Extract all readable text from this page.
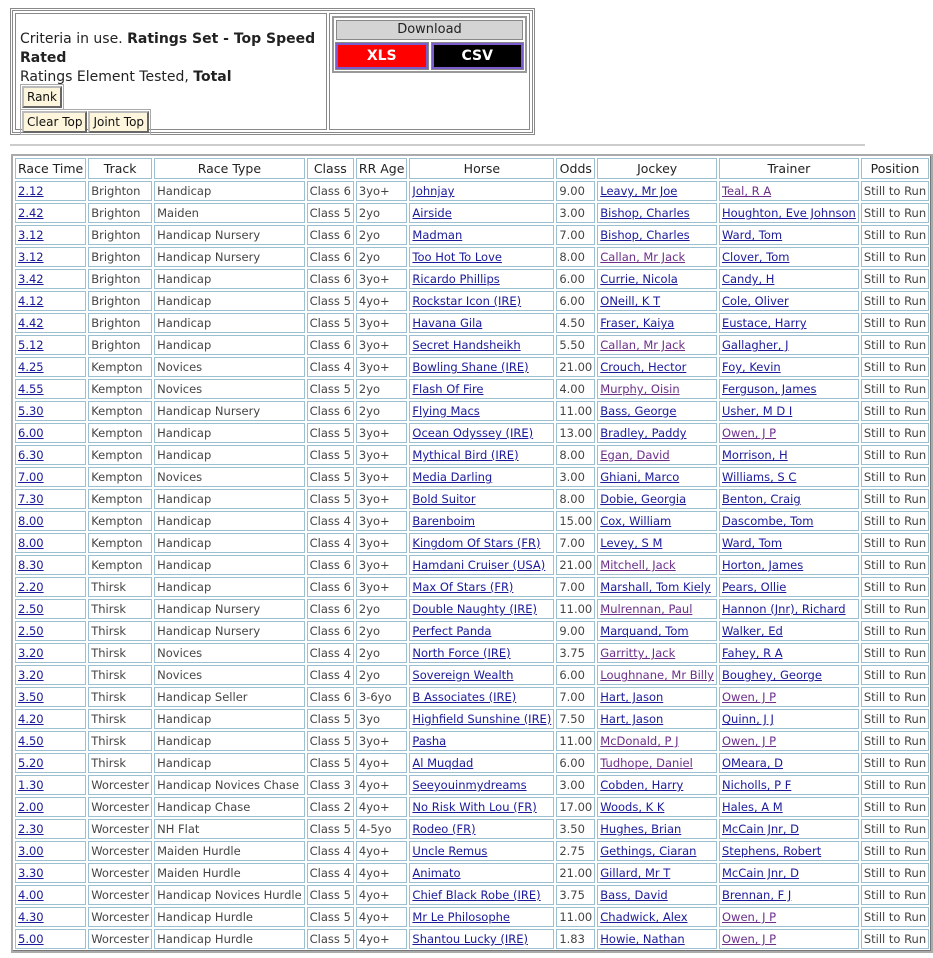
Criteria in use. Ratings Set - Top Speed Rated
Ratings Element Tested, Total
Rank
Clear Top Joint Top
Download
XLS	CSV
Race Time	Track	Race Type	Class	RR Age	Horse	Odds	Jockey	Trainer	Position
2.12	Brighton	Handicap	Class 6	3yo+	Johnjay	9.00	Leavy, Mr Joe	Teal, R A	Still to Run
2.42	Brighton	Maiden	Class 5	2yo	Airside	3.00	Bishop, Charles	Houghton, Eve Johnson	Still to Run
3.12	Brighton	Handicap Nursery	Class 6	2yo	Madman	7.00	Bishop, Charles	Ward, Tom	Still to Run
3.12	Brighton	Handicap Nursery	Class 6	2yo	Too Hot To Love	8.00	Callan, Mr Jack	Clover, Tom	Still to Run
3.42	Brighton	Handicap	Class 6	3yo+	Ricardo Phillips	6.00	Currie, Nicola	Candy, H	Still to Run
4.12	Brighton	Handicap	Class 5	4yo+	Rockstar Icon (IRE)	6.00	ONeill, K T	Cole, Oliver	Still to Run
4.42	Brighton	Handicap	Class 5	3yo+	Havana Gila	4.50	Fraser, Kaiya	Eustace, Harry	Still to Run
5.12	Brighton	Handicap	Class 6	3yo+	Secret Handsheikh	5.50	Callan, Mr Jack	Gallagher, J	Still to Run
4.25	Kempton	Novices	Class 4	3yo+	Bowling Shane (IRE)	21.00	Crouch, Hector	Foy, Kevin	Still to Run
4.55	Kempton	Novices	Class 5	2yo	Flash Of Fire	4.00	Murphy, Oisin	Ferguson, James	Still to Run
5.30	Kempton	Handicap Nursery	Class 6	2yo	Flying Macs	11.00	Bass, George	Usher, M D I	Still to Run
6.00	Kempton	Handicap	Class 5	3yo+	Ocean Odyssey (IRE)	13.00	Bradley, Paddy	Owen, J P	Still to Run
6.30	Kempton	Handicap	Class 5	3yo+	Mythical Bird (IRE)	8.00	Egan, David	Morrison, H	Still to Run
7.00	Kempton	Novices	Class 5	3yo+	Media Darling	3.00	Ghiani, Marco	Williams, S C	Still to Run
7.30	Kempton	Handicap	Class 5	3yo+	Bold Suitor	8.00	Dobie, Georgia	Benton, Craig	Still to Run
8.00	Kempton	Handicap	Class 4	3yo+	Barenboim	15.00	Cox, William	Dascombe, Tom	Still to Run
8.00	Kempton	Handicap	Class 4	3yo+	Kingdom Of Stars (FR)	7.00	Levey, S M	Ward, Tom	Still to Run
8.30	Kempton	Handicap	Class 6	3yo+	Hamdani Cruiser (USA)	21.00	Mitchell, Jack	Horton, James	Still to Run
2.20	Thirsk	Handicap	Class 6	3yo+	Max Of Stars (FR)	7.00	Marshall, Tom Kiely	Pears, Ollie	Still to Run
2.50	Thirsk	Handicap Nursery	Class 6	2yo	Double Naughty (IRE)	11.00	Mulrennan, Paul	Hannon (Jnr), Richard	Still to Run
2.50	Thirsk	Handicap Nursery	Class 6	2yo	Perfect Panda	9.00	Marquand, Tom	Walker, Ed	Still to Run
3.20	Thirsk	Novices	Class 4	2yo	North Force (IRE)	3.75	Garritty, Jack	Fahey, R A	Still to Run
3.20	Thirsk	Novices	Class 4	2yo	Sovereign Wealth	6.00	Loughnane, Mr Billy	Boughey, George	Still to Run
3.50	Thirsk	Handicap Seller	Class 6	3-6yo	B Associates (IRE)	7.00	Hart, Jason	Owen, J P	Still to Run
4.20	Thirsk	Handicap	Class 5	3yo	Highfield Sunshine (IRE)	7.50	Hart, Jason	Quinn, J J	Still to Run
4.50	Thirsk	Handicap	Class 5	3yo+	Pasha	11.00	McDonald, P J	Owen, J P	Still to Run
5.20	Thirsk	Handicap	Class 5	4yo+	Al Muqdad	6.00	Tudhope, Daniel	OMeara, D	Still to Run
1.30	Worcester	Handicap Novices Chase	Class 3	4yo+	Seeyouinmydreams	3.00	Cobden, Harry	Nicholls, P F	Still to Run
2.00	Worcester	Handicap Chase	Class 2	4yo+	No Risk With Lou (FR)	17.00	Woods, K K	Hales, A M	Still to Run
2.30	Worcester	NH Flat	Class 5	4-5yo	Rodeo (FR)	3.50	Hughes, Brian	McCain Jnr, D	Still to Run
3.00	Worcester	Maiden Hurdle	Class 4	4yo+	Uncle Remus	2.75	Gethings, Ciaran	Stephens, Robert	Still to Run
3.30	Worcester	Maiden Hurdle	Class 4	4yo+	Animato	21.00	Gillard, Mr T	McCain Jnr, D	Still to Run
4.00	Worcester	Handicap Novices Hurdle	Class 5	4yo+	Chief Black Robe (IRE)	3.75	Bass, David	Brennan, F J	Still to Run
4.30	Worcester	Handicap Hurdle	Class 5	4yo+	Mr Le Philosophe	11.00	Chadwick, Alex	Owen, J P	Still to Run
5.00	Worcester	Handicap Hurdle	Class 5	4yo+	Shantou Lucky (IRE)	1.83	Howie, Nathan	Owen, J P	Still to Run
